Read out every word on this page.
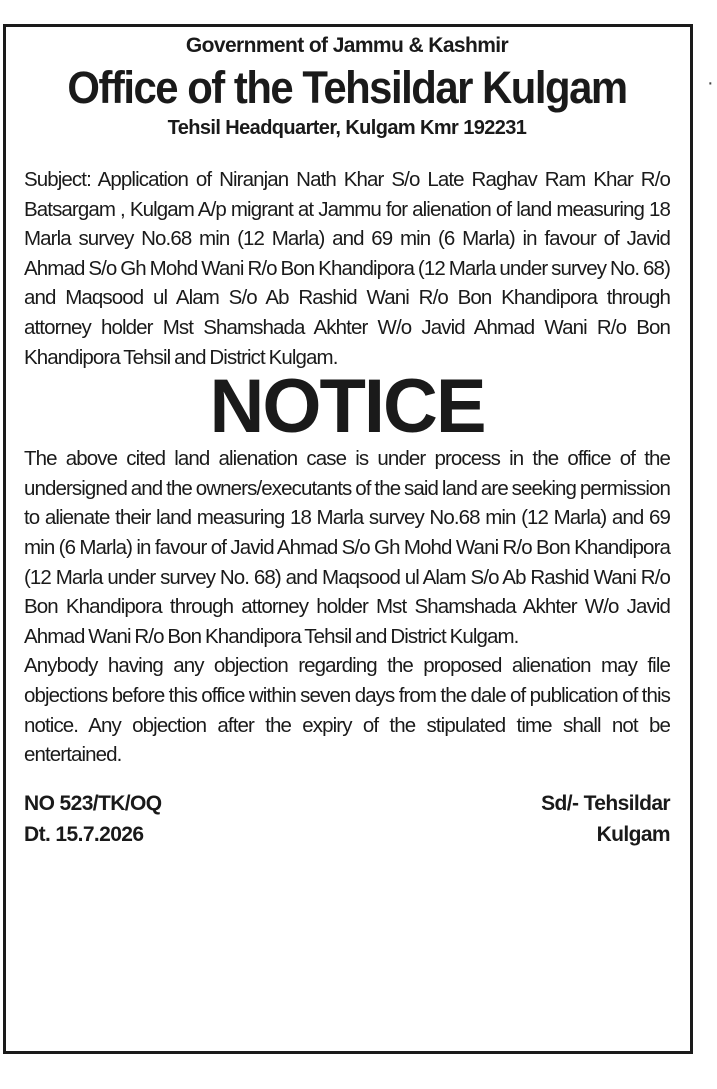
Government of Jammu & Kashmir
Office of the Tehsildar Kulgam
Tehsil Headquarter, Kulgam Kmr 192231

Subject: Application of Niranjan Nath Khar S/o Late Raghav Ram Khar R/o Batsargam , Kulgam A/p migrant at Jammu for alienation of land measuring 18 Marla survey No.68 min (12 Marla) and 69 min (6 Marla) in favour of Javid Ahmad S/o Gh Mohd Wani R/o Bon Khandipora (12 Marla under survey No. 68) and Maqsood ul Alam S/o Ab Rashid Wani R/o Bon Khandipora through attorney holder Mst Shamshada Akhter W/o Javid Ahmad Wani R/o Bon Khandipora Tehsil and District Kulgam.

NOTICE

The above cited land alienation case is under process in the office of the undersigned and the owners/executants of the said land are seeking permission to alienate their land measuring 18 Marla survey No.68 min (12 Marla) and 69 min (6 Marla) in favour of Javid Ahmad S/o Gh Mohd Wani R/o Bon Khandipora (12 Marla under survey No. 68) and Maqsood ul Alam S/o Ab Rashid Wani R/o Bon Khandipora through attorney holder Mst Shamshada Akhter W/o Javid Ahmad Wani R/o Bon Khandipora Tehsil and District Kulgam.

Anybody having any objection regarding the proposed alienation may file objections before this office within seven days from the dale of publication of this notice. Any objection after the expiry of the stipulated time shall not be entertained.

NO 523/TK/OQ
Dt. 15.7.2026
Sd/- Tehsildar
Kulgam
·
